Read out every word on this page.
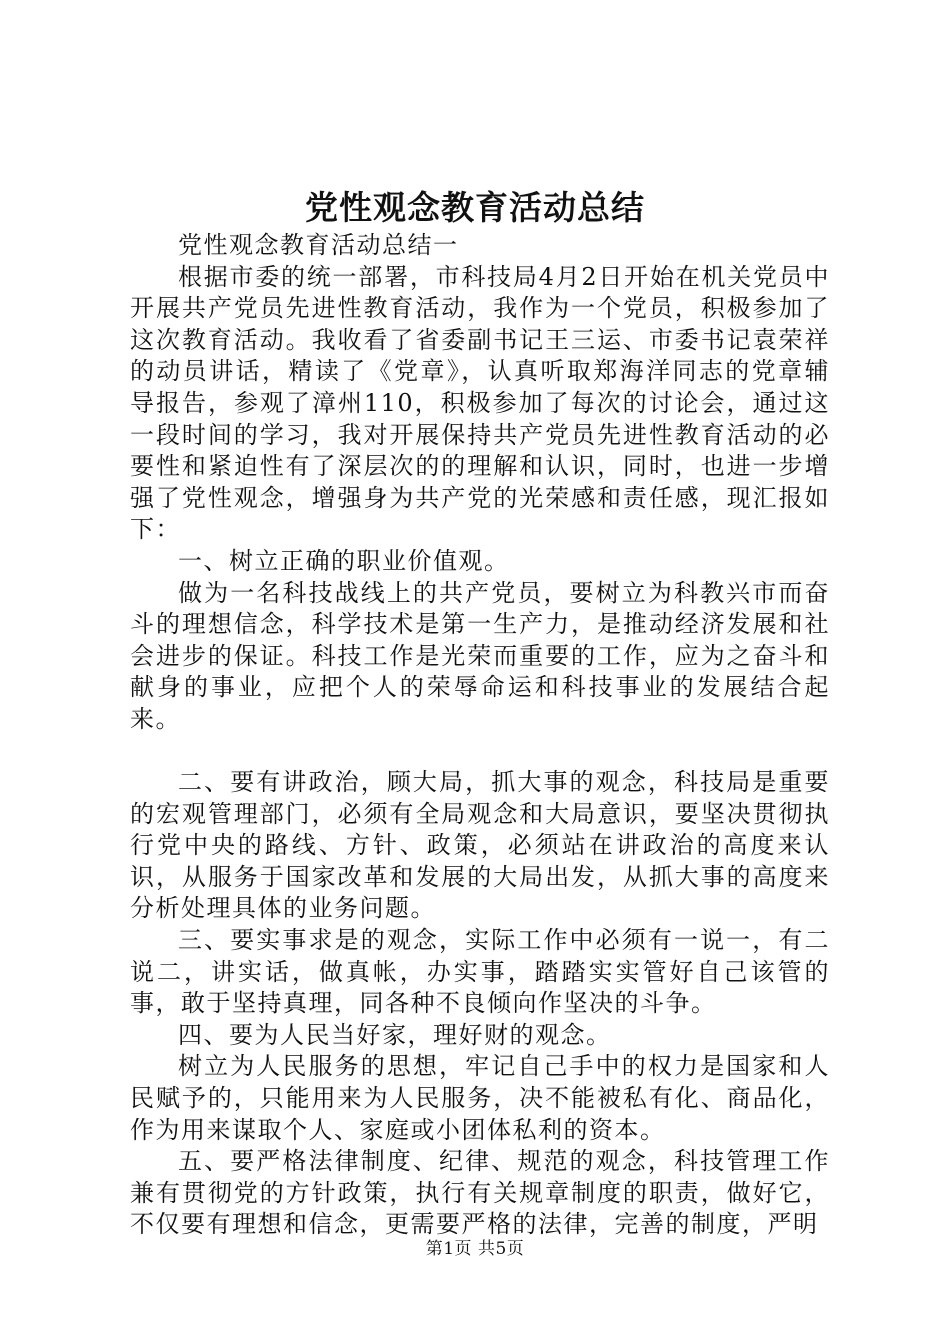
党性观念教育活动总结

党性观念教育活动总结一

根据市委的统一部署，市科技局4月2日开始在机关党员中开展共产党员先进性教育活动，我作为一个党员，积极参加了这次教育活动。我收看了省委副书记王三运、市委书记袁荣祥的动员讲话，精读了《党章》，认真听取郑海洋同志的党章辅导报告，参观了漳州110，积极参加了每次的讨论会，通过这一段时间的学习，我对开展保持共产党员先进性教育活动的必要性和紧迫性有了深层次的的理解和认识，同时，也进一步增强了党性观念，增强身为共产党的光荣感和责任感，现汇报如下：

一、树立正确的职业价值观。

做为一名科技战线上的共产党员，要树立为科教兴市而奋斗的理想信念，科学技术是第一生产力，是推动经济发展和社会进步的保证。科技工作是光荣而重要的工作，应为之奋斗和献身的事业，应把个人的荣辱命运和科技事业的发展结合起来。

二、要有讲政治，顾大局，抓大事的观念，科技局是重要的宏观管理部门，必须有全局观念和大局意识，要坚决贯彻执行党中央的路线、方针、政策，必须站在讲政治的高度来认识，从服务于国家改革和发展的大局出发，从抓大事的高度来分析处理具体的业务问题。

三、要实事求是的观念，实际工作中必须有一说一，有二说二，讲实话，做真帐，办实事，踏踏实实管好自己该管的事，敢于坚持真理，同各种不良倾向作坚决的斗争。

四、要为人民当好家，理好财的观念。

树立为人民服务的思想，牢记自己手中的权力是国家和人民赋予的，只能用来为人民服务，决不能被私有化、商品化，作为用来谋取个人、家庭或小团体私利的资本。

五、要严格法律制度、纪律、规范的观念，科技管理工作兼有贯彻党的方针政策，执行有关规章制度的职责，做好它，不仅要有理想和信念，更需要严格的法律，完善的制度，严明

第1页 共5页
